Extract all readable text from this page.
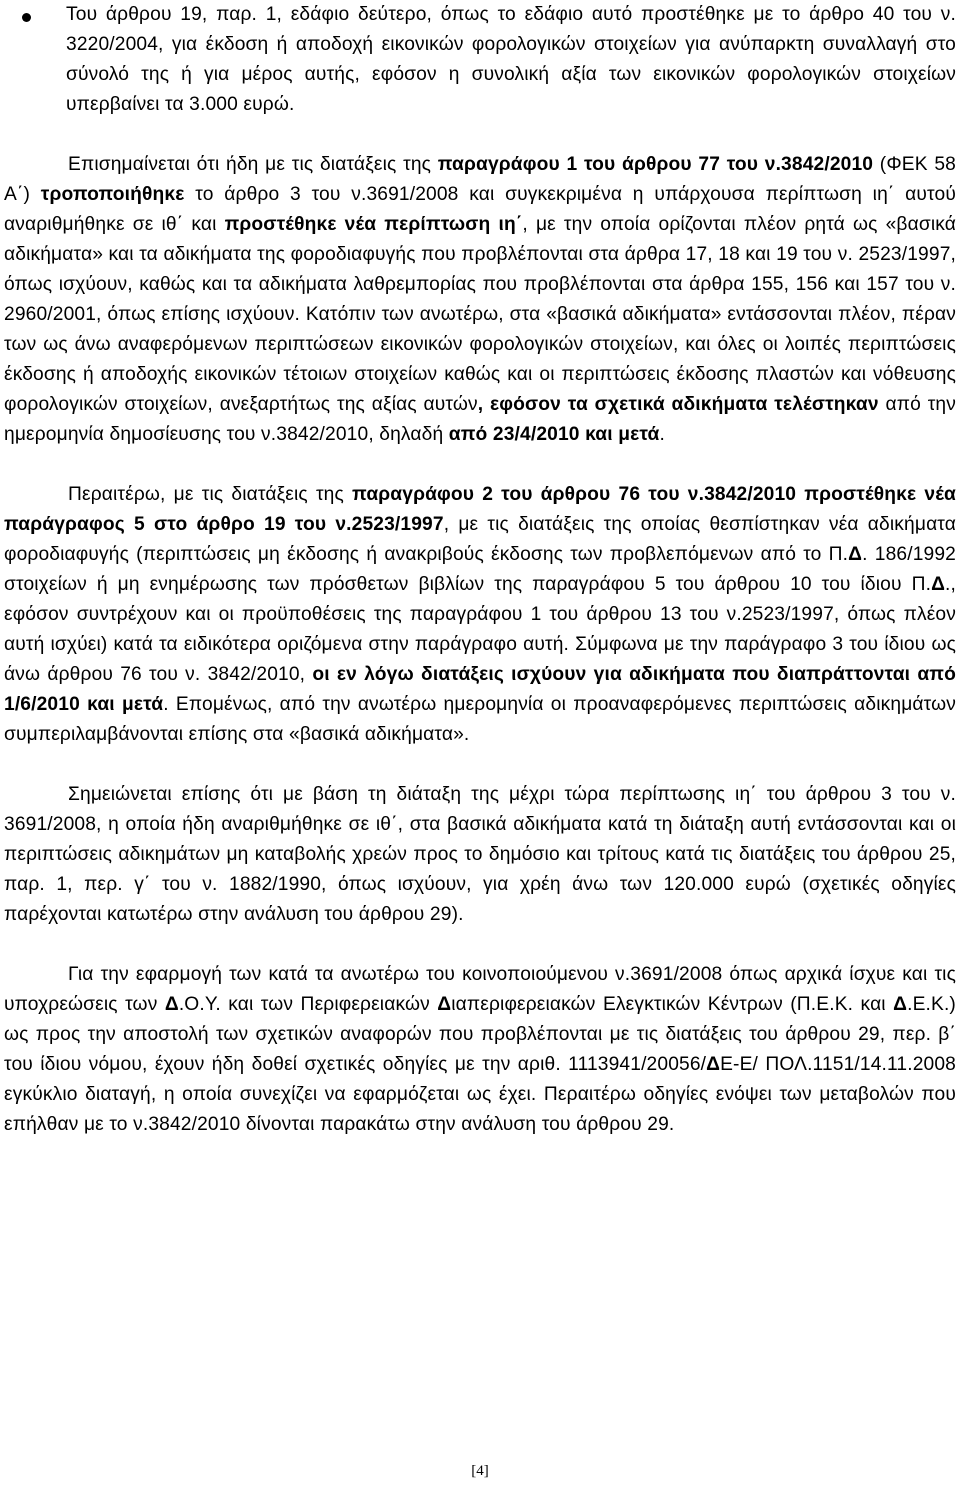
Του άρθρου 19, παρ. 1, εδάφιο δεύτερο, όπως το εδάφιο αυτό προστέθηκε με το άρθρο 40 του ν. 3220/2004, για έκδοση ή αποδοχή εικονικών φορολογικών στοιχείων για ανύπαρκτη συναλλαγή στο σύνολό της ή για μέρος αυτής, εφόσον η συνολική αξία των εικονικών φορολογικών στοιχείων υπερβαίνει τα 3.000 ευρώ.

Επισημαίνεται ότι ήδη με τις διατάξεις της παραγράφου 1 του άρθρου 77 του ν.3842/2010 (ΦΕΚ 58 Α΄) τροποποιήθηκε το άρθρο 3 του ν.3691/2008 και συγκεκριμένα η υπάρχουσα περίπτωση ιη΄ αυτού αναριθμήθηκε σε ιθ΄ και προστέθηκε νέα περίπτωση ιη΄, με την οποία ορίζονται πλέον ρητά ως «βασικά αδικήματα» και τα αδικήματα της φοροδιαφυγής που προβλέπονται στα άρθρα 17, 18 και 19 του ν. 2523/1997, όπως ισχύουν, καθώς και τα αδικήματα λαθρεμπορίας που προβλέπονται στα άρθρα 155, 156 και 157 του ν. 2960/2001, όπως επίσης ισχύουν. Κατόπιν των ανωτέρω, στα «βασικά αδικήματα» εντάσσονται πλέον, πέραν των ως άνω αναφερόμενων περιπτώσεων εικονικών φορολογικών στοιχείων, και όλες οι λοιπές περιπτώσεις έκδοσης ή αποδοχής εικονικών τέτοιων στοιχείων καθώς και οι περιπτώσεις έκδοσης πλαστών και νόθευσης φορολογικών στοιχείων, ανεξαρτήτως της αξίας αυτών, εφόσον τα σχετικά αδικήματα τελέστηκαν από την ημερομηνία δημοσίευσης του ν.3842/2010, δηλαδή από 23/4/2010 και μετά.

Περαιτέρω, με τις διατάξεις της παραγράφου 2 του άρθρου 76 του ν.3842/2010 προστέθηκε νέα παράγραφος 5 στο άρθρο 19 του ν.2523/1997, με τις διατάξεις της οποίας θεσπίστηκαν νέα αδικήματα φοροδιαφυγής (περιπτώσεις μη έκδοσης ή ανακριβούς έκδοσης των προβλεπόμενων από το Π.Δ. 186/1992 στοιχείων ή μη ενημέρωσης των πρόσθετων βιβλίων της παραγράφου 5 του άρθρου 10 του ίδιου Π.Δ., εφόσον συντρέχουν και οι προϋποθέσεις της παραγράφου 1 του άρθρου 13 του ν.2523/1997, όπως πλέον αυτή ισχύει) κατά τα ειδικότερα οριζόμενα στην παράγραφο αυτή. Σύμφωνα με την παράγραφο 3 του ίδιου ως άνω άρθρου 76 του ν. 3842/2010, οι εν λόγω διατάξεις ισχύουν για αδικήματα που διαπράττονται από 1/6/2010 και μετά. Επομένως, από την ανωτέρω ημερομηνία οι προαναφερόμενες περιπτώσεις αδικημάτων συμπεριλαμβάνονται επίσης στα «βασικά αδικήματα».

Σημειώνεται επίσης ότι με βάση τη διάταξη της μέχρι τώρα περίπτωσης ιη΄ του άρθρου 3 του ν. 3691/2008, η οποία ήδη αναριθμήθηκε σε ιθ΄, στα βασικά αδικήματα κατά τη διάταξη αυτή εντάσσονται και οι περιπτώσεις αδικημάτων μη καταβολής χρεών προς το δημόσιο και τρίτους κατά τις διατάξεις του άρθρου 25, παρ. 1, περ. γ΄ του ν. 1882/1990, όπως ισχύουν, για χρέη άνω των 120.000 ευρώ (σχετικές οδηγίες παρέχονται κατωτέρω στην ανάλυση του άρθρου 29).

Για την εφαρμογή των κατά τα ανωτέρω του κοινοποιούμενου ν.3691/2008 όπως αρχικά ίσχυε και τις υποχρεώσεις των Δ.Ο.Υ. και των Περιφερειακών Διαπεριφερειακών Ελεγκτικών Κέντρων (Π.Ε.Κ. και Δ.Ε.Κ.) ως προς την αποστολή των σχετικών αναφορών που προβλέπονται με τις διατάξεις του άρθρου 29, περ. β΄ του ίδιου νόμου, έχουν ήδη δοθεί σχετικές οδηγίες με την αριθ. 1113941/20056/ΔΕ-Ε/ ΠΟΛ.1151/14.11.2008 εγκύκλιο διαταγή, η οποία συνεχίζει να εφαρμόζεται ως έχει. Περαιτέρω οδηγίες ενόψει των μεταβολών που επήλθαν με το ν.3842/2010 δίνονται παρακάτω στην ανάλυση του άρθρου 29.

[4]
